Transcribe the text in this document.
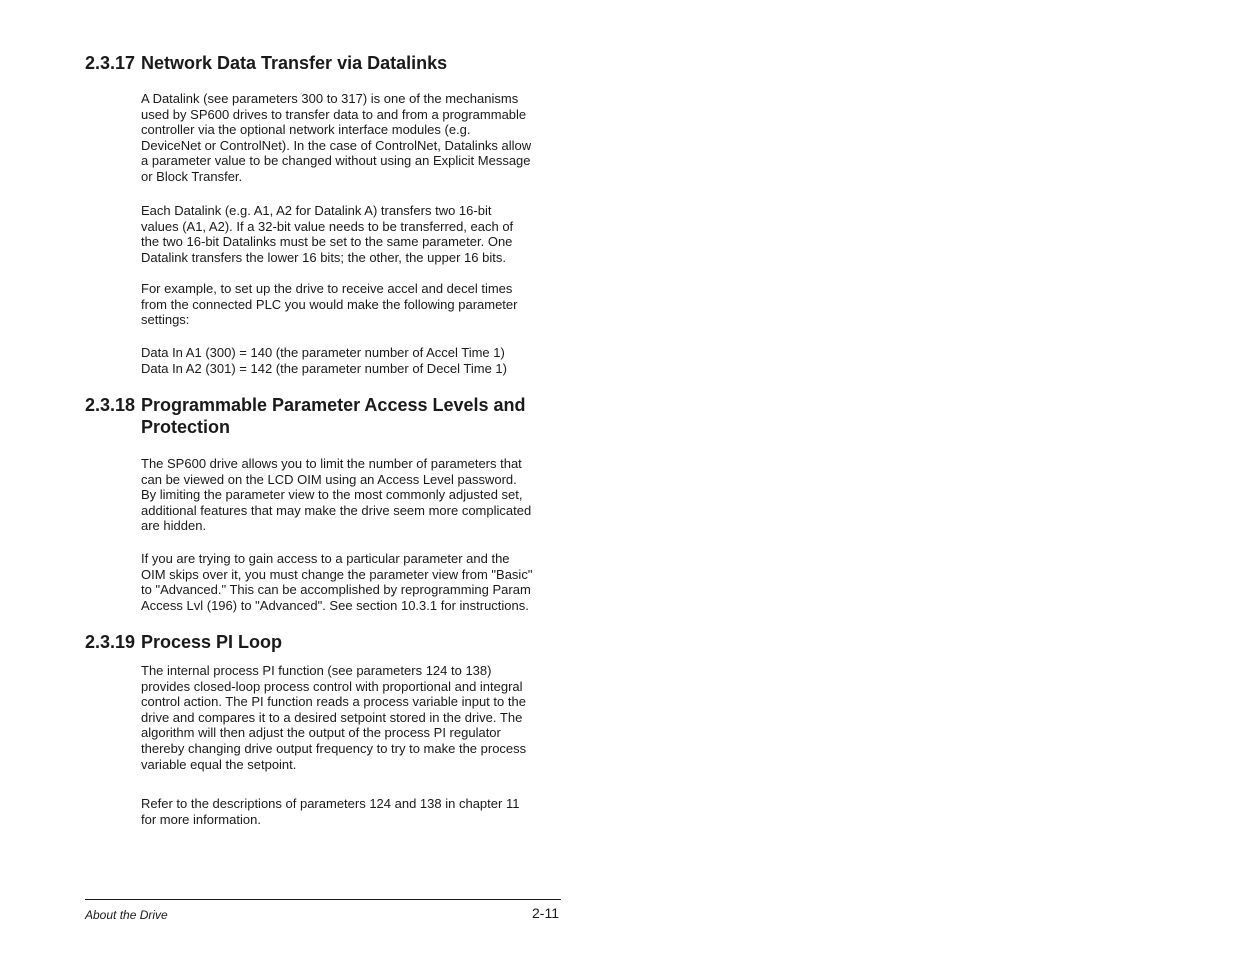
2.3.17 Network Data Transfer via Datalinks

A Datalink (see parameters 300 to 317) is one of the mechanisms
used by SP600 drives to transfer data to and from a programmable
controller via the optional network interface modules (e.g.
DeviceNet or ControlNet). In the case of ControlNet, Datalinks allow
a parameter value to be changed without using an Explicit Message
or Block Transfer.

Each Datalink (e.g. A1, A2 for Datalink A) transfers two 16-bit
values (A1, A2). If a 32-bit value needs to be transferred, each of
the two 16-bit Datalinks must be set to the same parameter. One
Datalink transfers the lower 16 bits; the other, the upper 16 bits.

For example, to set up the drive to receive accel and decel times
from the connected PLC you would make the following parameter
settings:

Data In A1 (300) = 140 (the parameter number of Accel Time 1)
Data In A2 (301) = 142 (the parameter number of Decel Time 1)

2.3.18 Programmable Parameter Access Levels and Protection

The SP600 drive allows you to limit the number of parameters that
can be viewed on the LCD OIM using an Access Level password.
By limiting the parameter view to the most commonly adjusted set,
additional features that may make the drive seem more complicated
are hidden.

If you are trying to gain access to a particular parameter and the
OIM skips over it, you must change the parameter view from "Basic"
to "Advanced." This can be accomplished by reprogramming Param
Access Lvl (196) to "Advanced". See section 10.3.1 for instructions.

2.3.19 Process PI Loop

The internal process PI function (see parameters 124 to 138)
provides closed-loop process control with proportional and integral
control action. The PI function reads a process variable input to the
drive and compares it to a desired setpoint stored in the drive. The
algorithm will then adjust the output of the process PI regulator
thereby changing drive output frequency to try to make the process
variable equal the setpoint.

Refer to the descriptions of parameters 124 and 138 in chapter 11
for more information.

About the Drive	2-11
